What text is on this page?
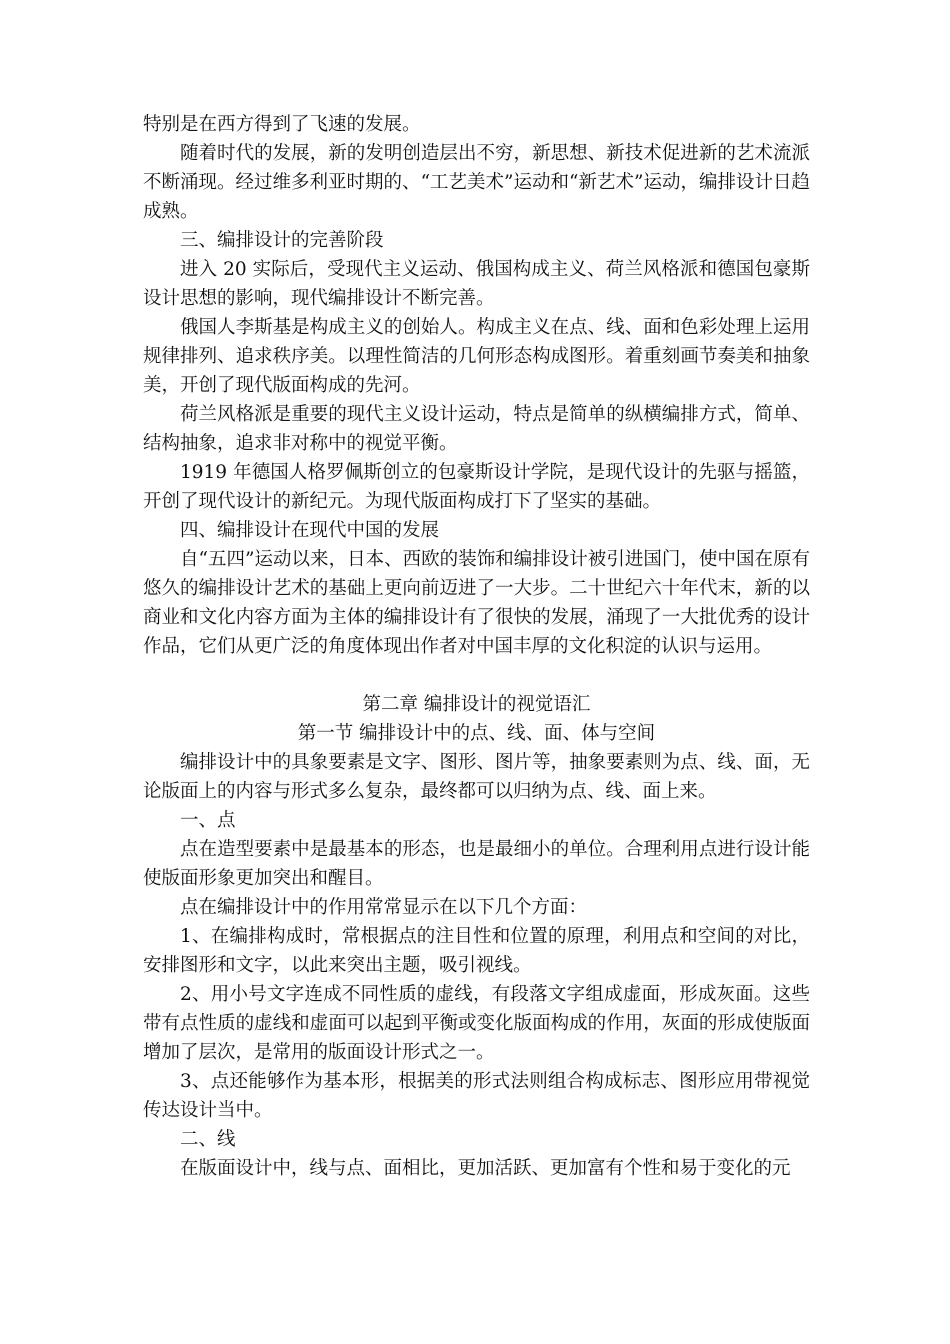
特别是在西方得到了飞速的发展。

随着时代的发展，新的发明创造层出不穷，新思想、新技术促进新的艺术流派不断涌现。经过维多利亚时期的、“工艺美术”运动和“新艺术”运动，编排设计日趋成熟。

三、编排设计的完善阶段

进入 20 实际后，受现代主义运动、俄国构成主义、荷兰风格派和德国包豪斯设计思想的影响，现代编排设计不断完善。

俄国人李斯基是构成主义的创始人。构成主义在点、线、面和色彩处理上运用规律排列、追求秩序美。以理性简洁的几何形态构成图形。着重刻画节奏美和抽象美，开创了现代版面构成的先河。

荷兰风格派是重要的现代主义设计运动，特点是简单的纵横编排方式，简单、结构抽象，追求非对称中的视觉平衡。

1919 年德国人格罗佩斯创立的包豪斯设计学院，是现代设计的先驱与摇篮，开创了现代设计的新纪元。为现代版面构成打下了坚实的基础。

四、编排设计在现代中国的发展

自“五四”运动以来，日本、西欧的装饰和编排设计被引进国门，使中国在原有悠久的编排设计艺术的基础上更向前迈进了一大步。二十世纪六十年代末，新的以商业和文化内容方面为主体的编排设计有了很快的发展，涌现了一大批优秀的设计作品，它们从更广泛的角度体现出作者对中国丰厚的文化积淀的认识与运用。

第二章 编排设计的视觉语汇

第一节 编排设计中的点、线、面、体与空间

编排设计中的具象要素是文字、图形、图片等，抽象要素则为点、线、面，无论版面上的内容与形式多么复杂，最终都可以归纳为点、线、面上来。

一、点

点在造型要素中是最基本的形态，也是最细小的单位。合理利用点进行设计能使版面形象更加突出和醒目。

点在编排设计中的作用常常显示在以下几个方面：

1、在编排构成时，常根据点的注目性和位置的原理，利用点和空间的对比，安排图形和文字，以此来突出主题，吸引视线。

2、用小号文字连成不同性质的虚线，有段落文字组成虚面，形成灰面。这些带有点性质的虚线和虚面可以起到平衡或变化版面构成的作用，灰面的形成使版面增加了层次，是常用的版面设计形式之一。

3、点还能够作为基本形，根据美的形式法则组合构成标志、图形应用带视觉传达设计当中。

二、线

在版面设计中，线与点、面相比，更加活跃、更加富有个性和易于变化的元
